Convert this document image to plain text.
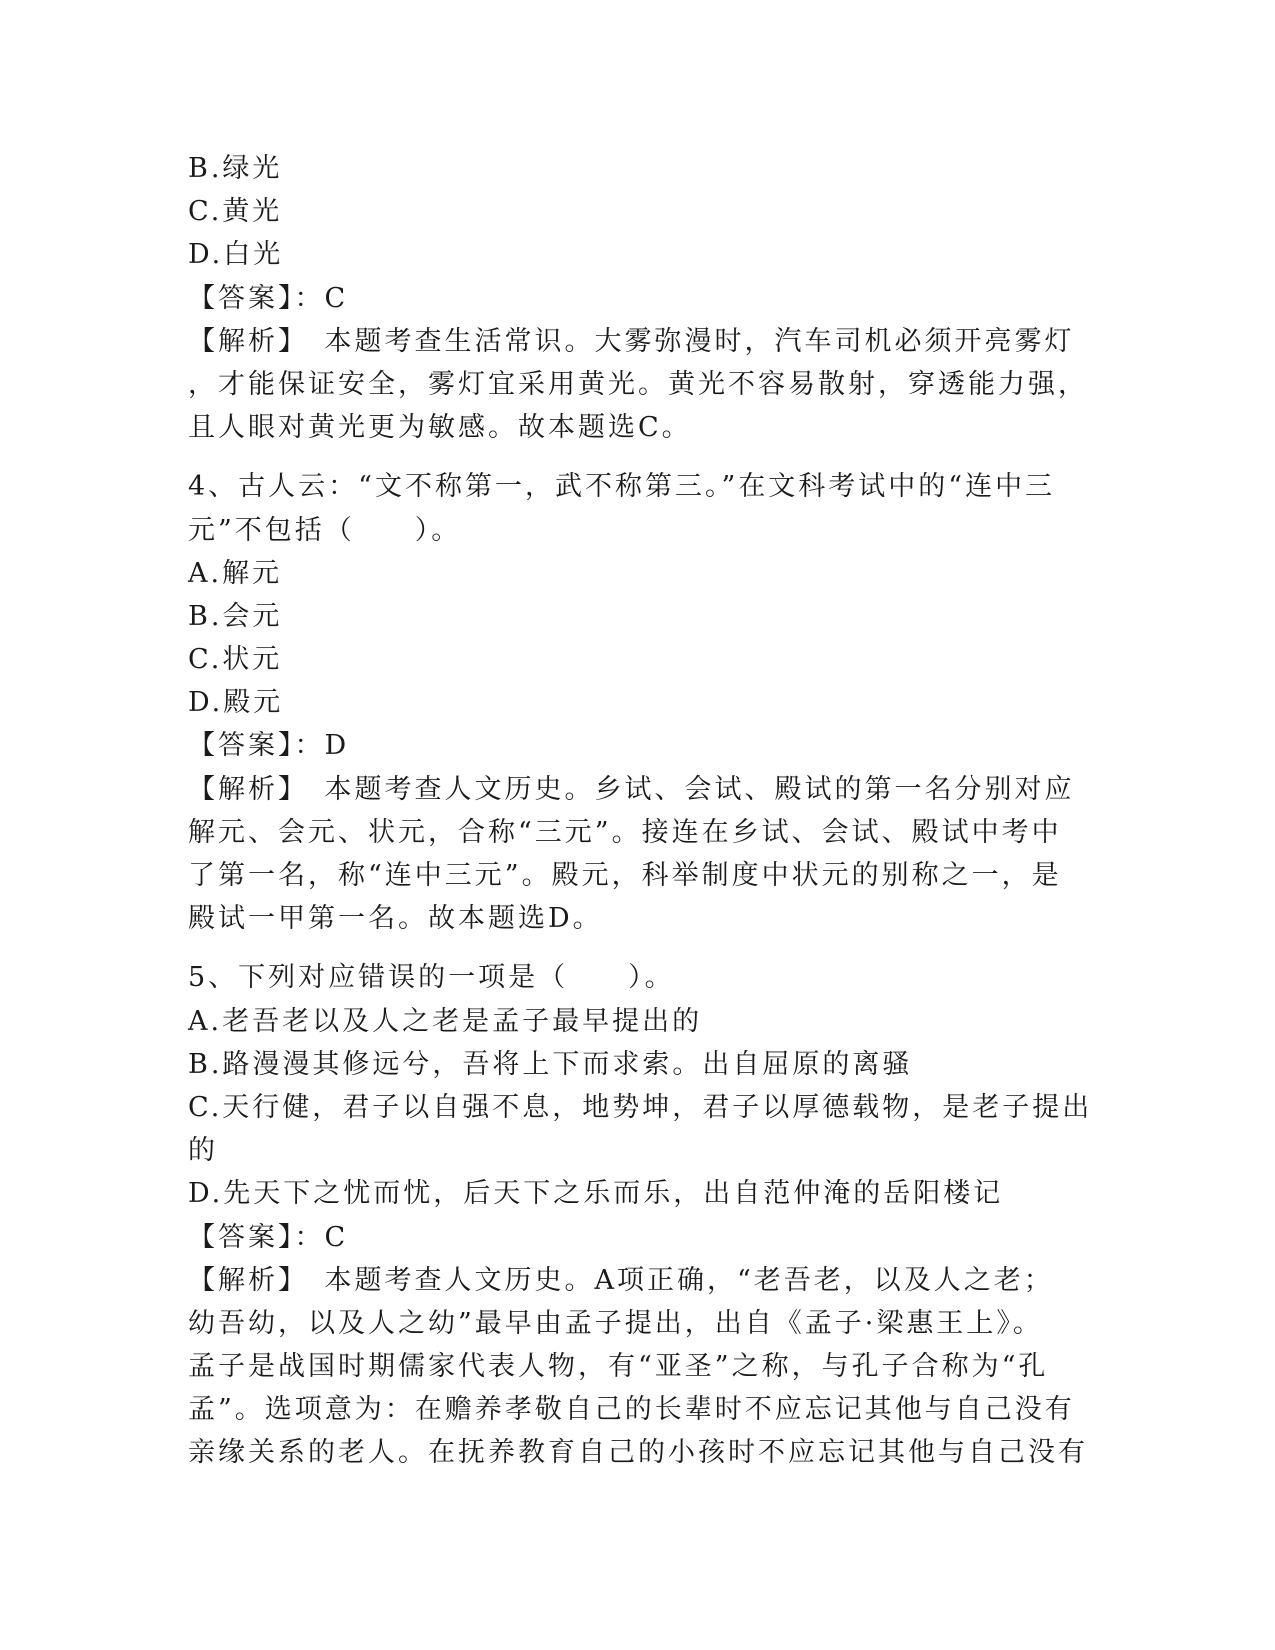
B.绿光
C.黄光
D.白光
【答案】：C
【解析】　本题考查生活常识。大雾弥漫时，汽车司机必须开亮雾灯
，才能保证安全，雾灯宜采用黄光。黄光不容易散射，穿透能力强，
且人眼对黄光更为敏感。故本题选C。
4、古人云：“文不称第一，武不称第三。”在文科考试中的“连中三
元”不包括（　　）。
A.解元
B.会元
C.状元
D.殿元
【答案】：D
【解析】　本题考查人文历史。乡试、会试、殿试的第一名分别对应
解元、会元、状元，合称“三元”。接连在乡试、会试、殿试中考中
了第一名，称“连中三元”。殿元，科举制度中状元的别称之一，是
殿试一甲第一名。故本题选D。
5、下列对应错误的一项是（　　）。
A.老吾老以及人之老是孟子最早提出的
B.路漫漫其修远兮，吾将上下而求索。出自屈原的离骚
C.天行健，君子以自强不息，地势坤，君子以厚德载物，是老子提出
的
D.先天下之忧而忧，后天下之乐而乐，出自范仲淹的岳阳楼记
【答案】：C
【解析】　本题考查人文历史。A项正确，“老吾老，以及人之老；
幼吾幼，以及人之幼”最早由孟子提出，出自《孟子·梁惠王上》。
孟子是战国时期儒家代表人物，有“亚圣”之称，与孔子合称为“孔
孟”。选项意为：在赡养孝敬自己的长辈时不应忘记其他与自己没有
亲缘关系的老人。在抚养教育自己的小孩时不应忘记其他与自己没有
